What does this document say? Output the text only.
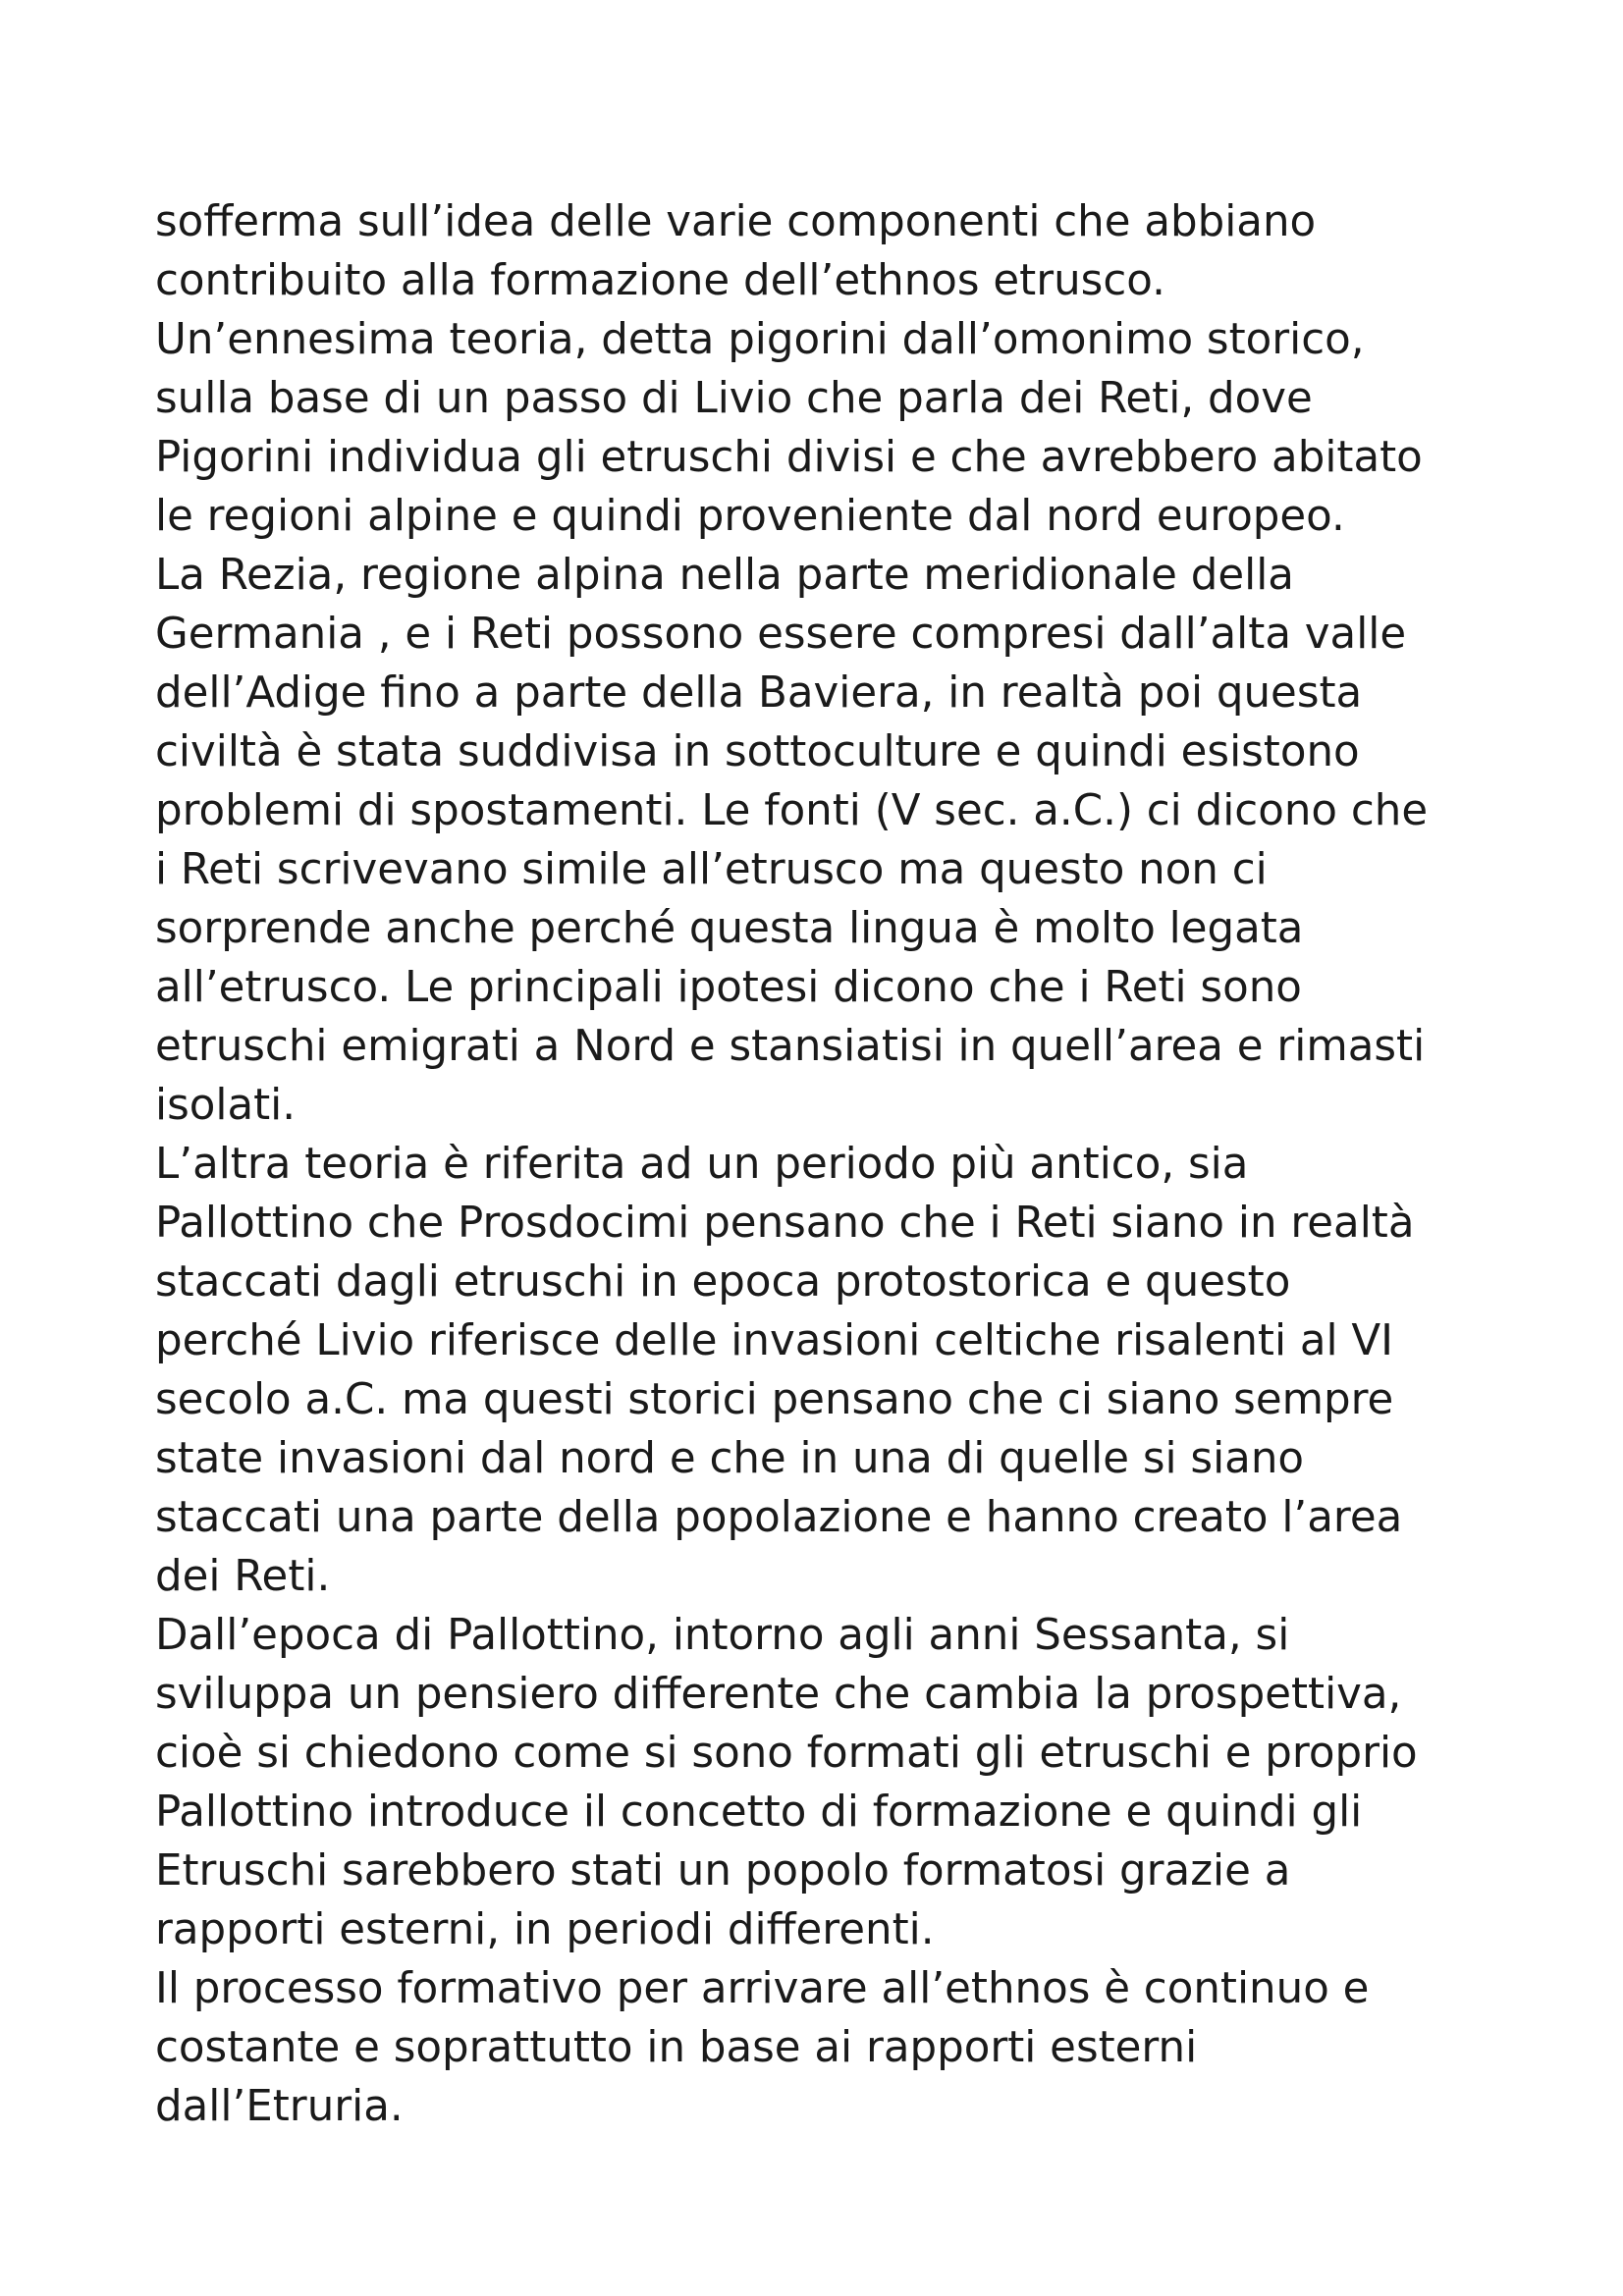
sofferma sull’idea delle varie componenti che abbiano
contribuito alla formazione dell’ethnos etrusco.
Un’ennesima teoria, detta pigorini dall’omonimo storico,
sulla base di un passo di Livio che parla dei Reti, dove
Pigorini individua gli etruschi divisi e che avrebbero abitato
le regioni alpine e quindi proveniente dal nord europeo.
La Rezia, regione alpina nella parte meridionale della
Germania , e i Reti possono essere compresi dall’alta valle
dell’Adige fino a parte della Baviera, in realtà poi questa
civiltà è stata suddivisa in sottoculture e quindi esistono
problemi di spostamenti. Le fonti (V sec. a.C.) ci dicono che
i Reti scrivevano simile all’etrusco ma questo non ci
sorprende anche perché questa lingua è molto legata
all’etrusco. Le principali ipotesi dicono che i Reti sono
etruschi emigrati a Nord e stansiatisi in quell’area e rimasti
isolati.
L’altra teoria è riferita ad un periodo più antico, sia
Pallottino che Prosdocimi pensano che i Reti siano in realtà
staccati dagli etruschi in epoca protostorica e questo
perché Livio riferisce delle invasioni celtiche risalenti al VI
secolo a.C. ma questi storici pensano che ci siano sempre
state invasioni dal nord e che in una di quelle si siano
staccati una parte della popolazione e hanno creato l’area
dei Reti.
Dall’epoca di Pallottino, intorno agli anni Sessanta, si
sviluppa un pensiero differente che cambia la prospettiva,
cioè si chiedono come si sono formati gli etruschi e proprio
Pallottino introduce il concetto di formazione e quindi gli
Etruschi sarebbero stati un popolo formatosi grazie a
rapporti esterni, in periodi differenti.
Il processo formativo per arrivare all’ethnos è continuo e
costante e soprattutto in base ai rapporti esterni
dall’Etruria.
